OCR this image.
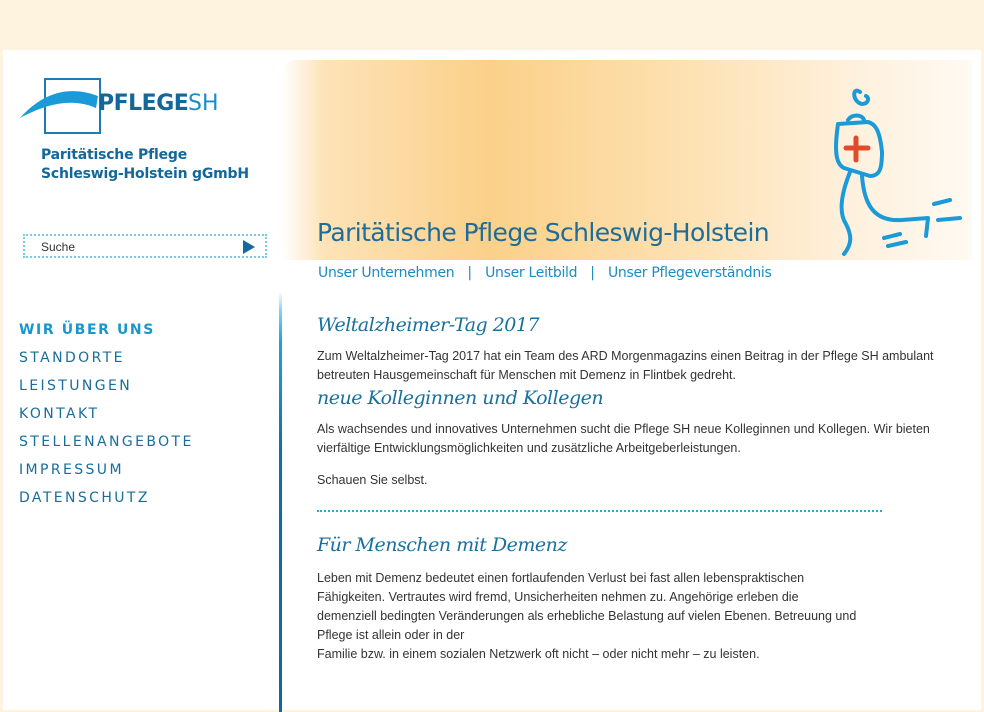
PFLEGE SH
Paritätische Pflege
Schleswig-Holstein gGmbH
Suche
WIR ÜBER UNS
STANDORTE
LEISTUNGEN
KONTAKT
STELLENANGEBOTE
IMPRESSUM
DATENSCHUTZ
Paritätische Pflege Schleswig-Holstein
Unser Unternehmen | Unser Leitbild | Unser Pflegeverständnis
Weltalzheimer-Tag 2017

Zum Weltalzheimer-Tag 2017 hat ein Team des ARD Morgenmagazins einen Beitrag in der Pflege SH ambulant betreuten Hausgemeinschaft für Menschen mit Demenz in Flintbek gedreht.

neue Kolleginnen und Kollegen

Als wachsendes und innovatives Unternehmen sucht die Pflege SH neue Kolleginnen und Kollegen. Wir bieten vierfältige Entwicklungsmöglichkeiten und zusätzliche Arbeitgeberleistungen.

Schauen Sie selbst.

Für Menschen mit Demenz
Leben mit Demenz bedeutet einen fortlaufenden Verlust bei fast allen lebenspraktischen
Fähigkeiten. Vertrautes wird fremd, Unsicherheiten nehmen zu. Angehörige erleben die
demenziell bedingten Veränderungen als erhebliche Belastung auf vielen Ebenen. Betreuung und
Pflege ist allein oder in der
Familie bzw. in einem sozialen Netzwerk oft nicht – oder nicht mehr – zu leisten.
